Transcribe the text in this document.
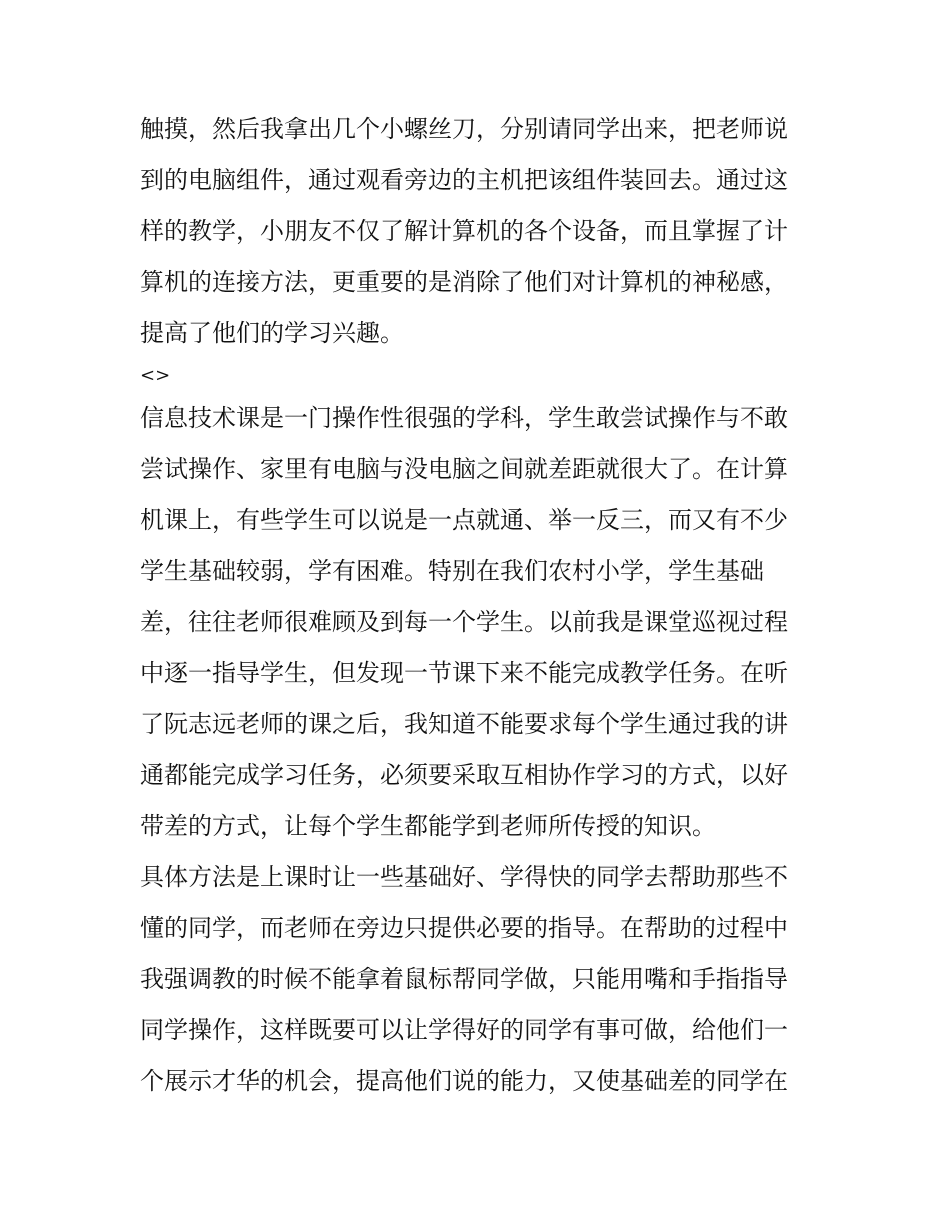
触摸，然后我拿出几个小螺丝刀，分别请同学出来，把老师说
到的电脑组件，通过观看旁边的主机把该组件装回去。通过这
样的教学，小朋友不仅了解计算机的各个设备，而且掌握了计
算机的连接方法，更重要的是消除了他们对计算机的神秘感，
提高了他们的学习兴趣。
<>
信息技术课是一门操作性很强的学科，学生敢尝试操作与不敢
尝试操作、家里有电脑与没电脑之间就差距就很大了。在计算
机课上，有些学生可以说是一点就通、举一反三，而又有不少
学生基础较弱，学有困难。特别在我们农村小学，学生基础
差，往往老师很难顾及到每一个学生。以前我是课堂巡视过程
中逐一指导学生，但发现一节课下来不能完成教学任务。在听
了阮志远老师的课之后，我知道不能要求每个学生通过我的讲
通都能完成学习任务，必须要采取互相协作学习的方式，以好
带差的方式，让每个学生都能学到老师所传授的知识。
具体方法是上课时让一些基础好、学得快的同学去帮助那些不
懂的同学，而老师在旁边只提供必要的指导。在帮助的过程中
我强调教的时候不能拿着鼠标帮同学做，只能用嘴和手指指导
同学操作，这样既要可以让学得好的同学有事可做，给他们一
个展示才华的机会，提高他们说的能力，又使基础差的同学在
